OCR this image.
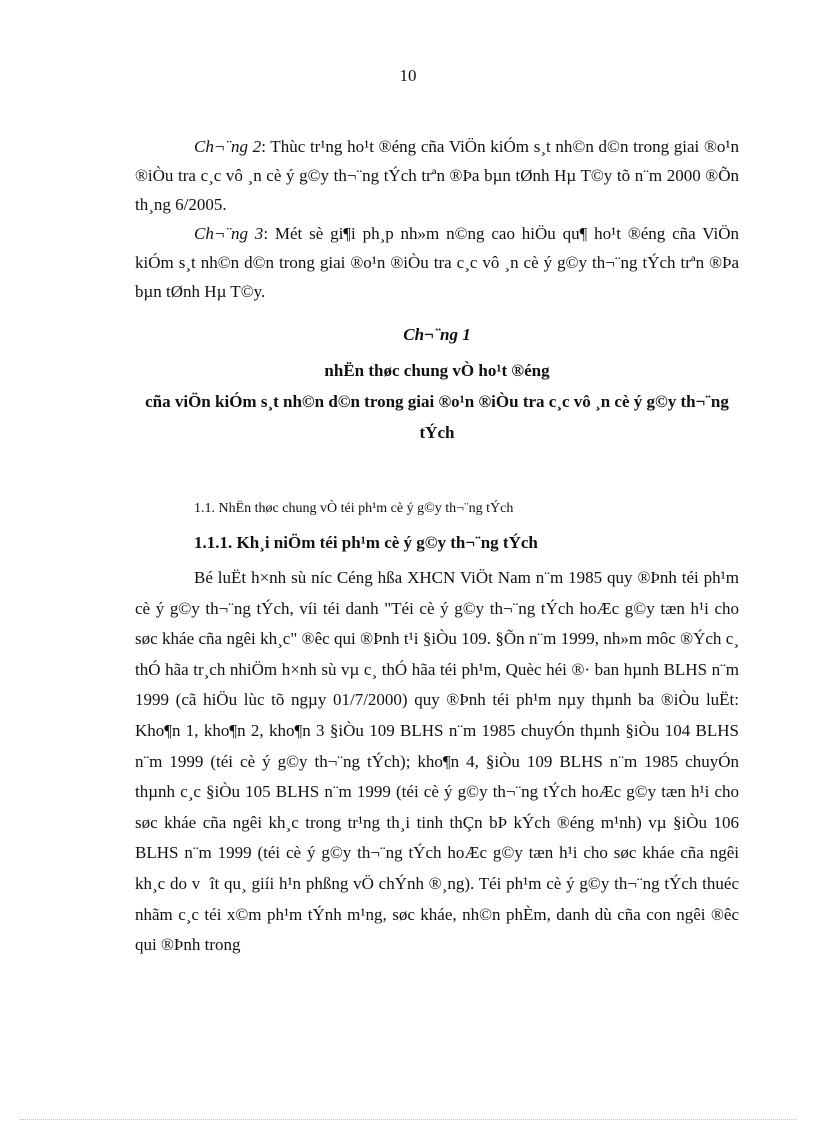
10

Ch¬¨ng 2: Thùc tr¹ng ho¹t ®éng cña ViÖn kiÓm s¸t nh©n d©n trong giai ®o¹n ®iÒu tra c¸c vô ¸n cè ý g©y th¬¨ng tÝch trªn ®Þa bµn tØnh Hµ T©y tõ n¨m 2000 ®Õn th¸ng 6/2005.

Ch¬¨ng 3: Mét sè gi¶i ph¸p nh»m n©ng cao hiÖu qu¶ ho¹t ®éng cña ViÖn kiÓm s¸t nh©n d©n trong giai ®o¹n ®iÒu tra c¸c vô ¸n cè ý g©y th¬¨ng tÝch trªn ®Þa bµn tØnh Hµ T©y.

Ch¬¨ng 1

nhËn thøc chung vÒ ho¹t ®éng
cña viÖn kiÓm s¸t nh©n d©n trong giai ®o¹n ®iÒu tra c¸c vô ¸n cè ý g©y th¬¨ng tÝch

1.1. NhËn thøc chung vÒ téi ph¹m cè ý g©y th¬¨ng tÝch

1.1.1. Kh¸i niÖm téi ph¹m cè ý g©y th¬¨ng tÝch

Bé luËt h×nh sù níc Céng hßa XHCN ViÖt Nam n¨m 1985 quy ®Þnh téi ph¹m cè ý g©y th¬¨ng tÝch, víi téi danh "Téi cè ý g©y th¬¨ng tÝch hoÆc g©y tæn h¹i cho søc kháe cña ngêi kh¸c" ®êc qui ®Þnh t¹i §iÒu 109. §Õn n¨m 1999, nh»m môc ®Ých c¸ thÓ hãa tr¸ch nhiÖm h×nh sù vµ c¸ thÓ hãa téi ph¹m, Quèc héi ®· ban hµnh BLHS n¨m 1999 (cã hiÖu lùc tõ ngµy 01/7/2000) quy ®Þnh téi ph¹m nµy thµnh ba ®iÒu luËt: Kho¶n 1, kho¶n 2, kho¶n 3 §iÒu 109 BLHS n¨m 1985 chuyÓn thµnh §iÒu 104 BLHS n¨m 1999 (téi cè ý g©y th¬¨ng tÝch); kho¶n 4, §iÒu 109 BLHS n¨m 1985 chuyÓn thµnh c¸c §iÒu 105 BLHS n¨m 1999 (téi cè ý g©y th¬¨ng tÝch hoÆc g©y tæn h¹i cho søc kháe cña ngêi kh¸c trong tr¹ng th¸i tinh thÇn bÞ kÝch ®éng m¹nh) vµ §iÒu 106 BLHS n¨m 1999 (téi cè ý g©y th¬¨ng tÝch hoÆc g©y tæn h¹i cho søc kháe cña ngêi kh¸c do v  ît qu¸ giíi h¹n phßng vÖ chÝnh ®¸ng). Téi ph¹m cè ý g©y th¬¨ng tÝch thuéc nhãm c¸c téi x©m ph¹m tÝnh m¹ng, søc kháe, nh©n phÈm, danh dù cña con ngêi ®êc qui ®Þnh trong
